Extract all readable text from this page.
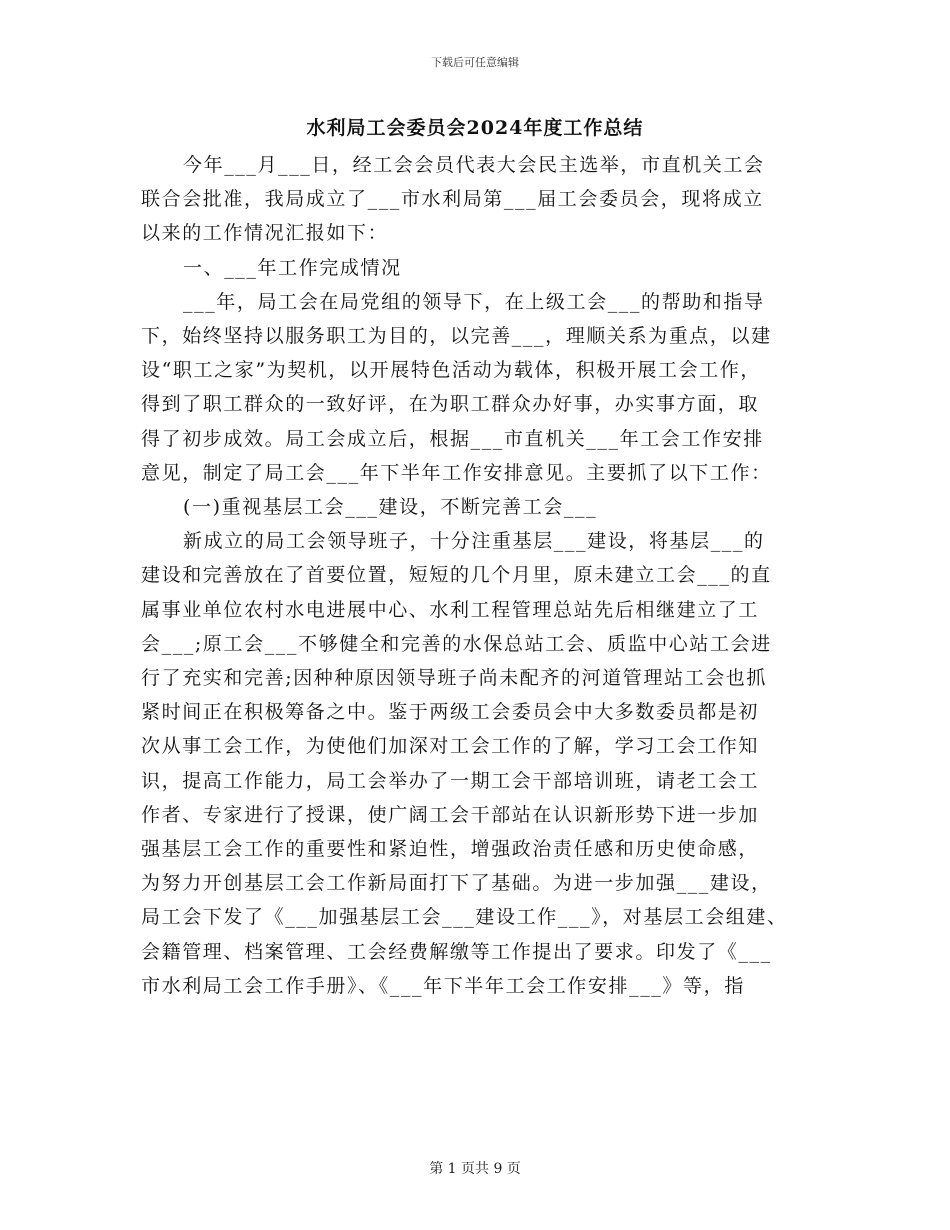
下载后可任意编辑
水利局工会委员会2024年度工作总结
今年___月___日，经工会会员代表大会民主选举，市直机关工会
联合会批准，我局成立了___市水利局第___届工会委员会，现将成立
以来的工作情况汇报如下：
一、___年工作完成情况
___年，局工会在局党组的领导下，在上级工会___的帮助和指导
下，始终坚持以服务职工为目的，以完善___，理顺关系为重点，以建
设“职工之家”为契机，以开展特色活动为载体，积极开展工会工作，
得到了职工群众的一致好评，在为职工群众办好事，办实事方面，取
得了初步成效。局工会成立后，根据___市直机关___年工会工作安排
意见，制定了局工会___年下半年工作安排意见。主要抓了以下工作：
(一)重视基层工会___建设，不断完善工会___
新成立的局工会领导班子，十分注重基层___建设，将基层___的
建设和完善放在了首要位置，短短的几个月里，原未建立工会___的直
属事业单位农村水电进展中心、水利工程管理总站先后相继建立了工
会___;原工会___不够健全和完善的水保总站工会、质监中心站工会进
行了充实和完善;因种种原因领导班子尚未配齐的河道管理站工会也抓
紧时间正在积极筹备之中。鉴于两级工会委员会中大多数委员都是初
次从事工会工作，为使他们加深对工会工作的了解，学习工会工作知
识，提高工作能力，局工会举办了一期工会干部培训班，请老工会工
作者、专家进行了授课，使广阔工会干部站在认识新形势下进一步加
强基层工会工作的重要性和紧迫性，增强政治责任感和历史使命感，
为努力开创基层工会工作新局面打下了基础。为进一步加强___建设，
局工会下发了《___加强基层工会___建设工作___》，对基层工会组建、
会籍管理、档案管理、工会经费解缴等工作提出了要求。印发了《___
市水利局工会工作手册》、《___年下半年工会工作安排___》等，指
第 1 页共 9 页
